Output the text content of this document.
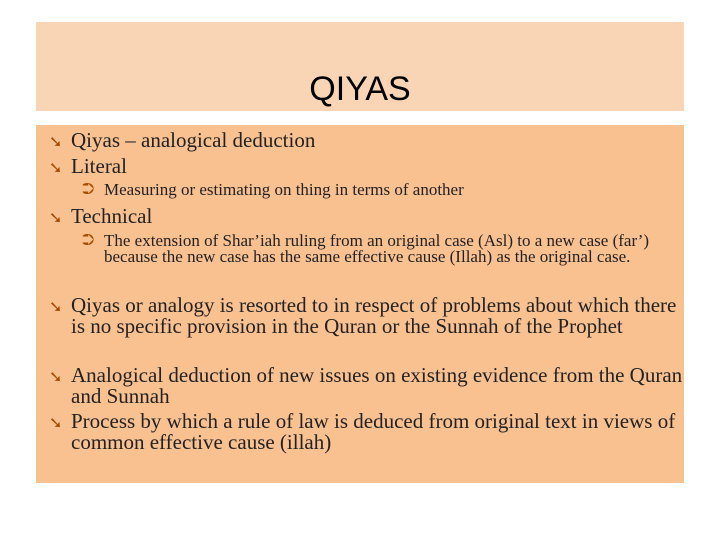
QIYAS
➘ Qiyas – analogical deduction
➘ Literal
⮊ Measuring or estimating on thing in terms of another
➘ Technical
⮊ The extension of Shar’iah ruling from an original case (Asl) to a new case (far’) because the new case has the same effective cause (Illah) as the original case.
➘ Qiyas or analogy is resorted to in respect of problems about which there is no specific provision in the Quran or the Sunnah of the Prophet
➘ Analogical deduction of new issues on existing evidence from the Quran and Sunnah
➘ Process by which a rule of law is deduced from original text in views of common effective cause (illah)
